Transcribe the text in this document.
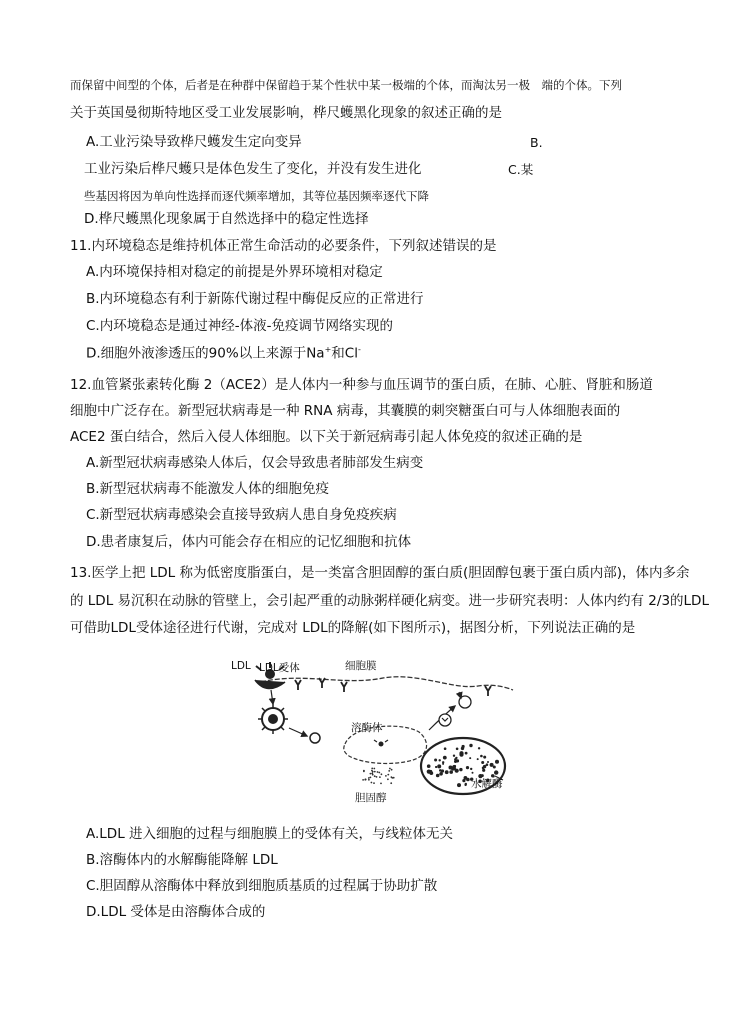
而保留中间型的个体，后者是在种群中保留趋于某个性状中某一极端的个体，而淘汰另一极　端的个体。下列
关于英国曼彻斯特地区受工业发展影响，桦尺蠖黑化现象的叙述正确的是
A.工业污染导致桦尺蠖发生定向变异	B.
工业污染后桦尺蠖只是体色发生了变化，并没有发生进化	C.某
些基因将因为单向性选择而逐代频率增加，其等位基因频率逐代下降
D.桦尺蠖黑化现象属于自然选择中的稳定性选择
11.内环境稳态是维持机体正常生命活动的必要条件，下列叙述错误的是
A.内环境保持相对稳定的前提是外界环境相对稳定
B.内环境稳态有利于新陈代谢过程中酶促反应的正常进行
C.内环境稳态是通过神经-体液-免疫调节网络实现的
D.细胞外液渗透压的90%以上来源于Na+和Cl-
12.血管紧张素转化酶 2（ACE2）是人体内一种参与血压调节的蛋白质，在肺、心脏、肾脏和肠道
细胞中广泛存在。新型冠状病毒是一种 RNA 病毒，其囊膜的刺突糖蛋白可与人体细胞表面的
ACE2 蛋白结合，然后入侵人体细胞。以下关于新冠病毒引起人体免疫的叙述正确的是
A.新型冠状病毒感染人体后，仅会导致患者肺部发生病变
B.新型冠状病毒不能激发人体的细胞免疫
C.新型冠状病毒感染会直接导致病人患自身免疫疾病
D.患者康复后，体内可能会存在相应的记忆细胞和抗体
13.医学上把 LDL 称为低密度脂蛋白，是一类富含胆固醇的蛋白质(胆固醇包裹于蛋白质内部)，体内多余
的 LDL 易沉积在动脉的管壁上，会引起严重的动脉粥样硬化病变。进一步研究表明：人体内约有 2/3的LDL
可借助LDL受体途径进行代谢，完成对 LDL的降解(如下图所示)，据图分析，下列说法正确的是
LDL LDL受体	细胞膜
溶酶体
水解酶
胆固醇
A.LDL 进入细胞的过程与细胞膜上的受体有关，与线粒体无关
B.溶酶体内的水解酶能降解 LDL
C.胆固醇从溶酶体中释放到细胞质基质的过程属于协助扩散
D.LDL 受体是由溶酶体合成的
